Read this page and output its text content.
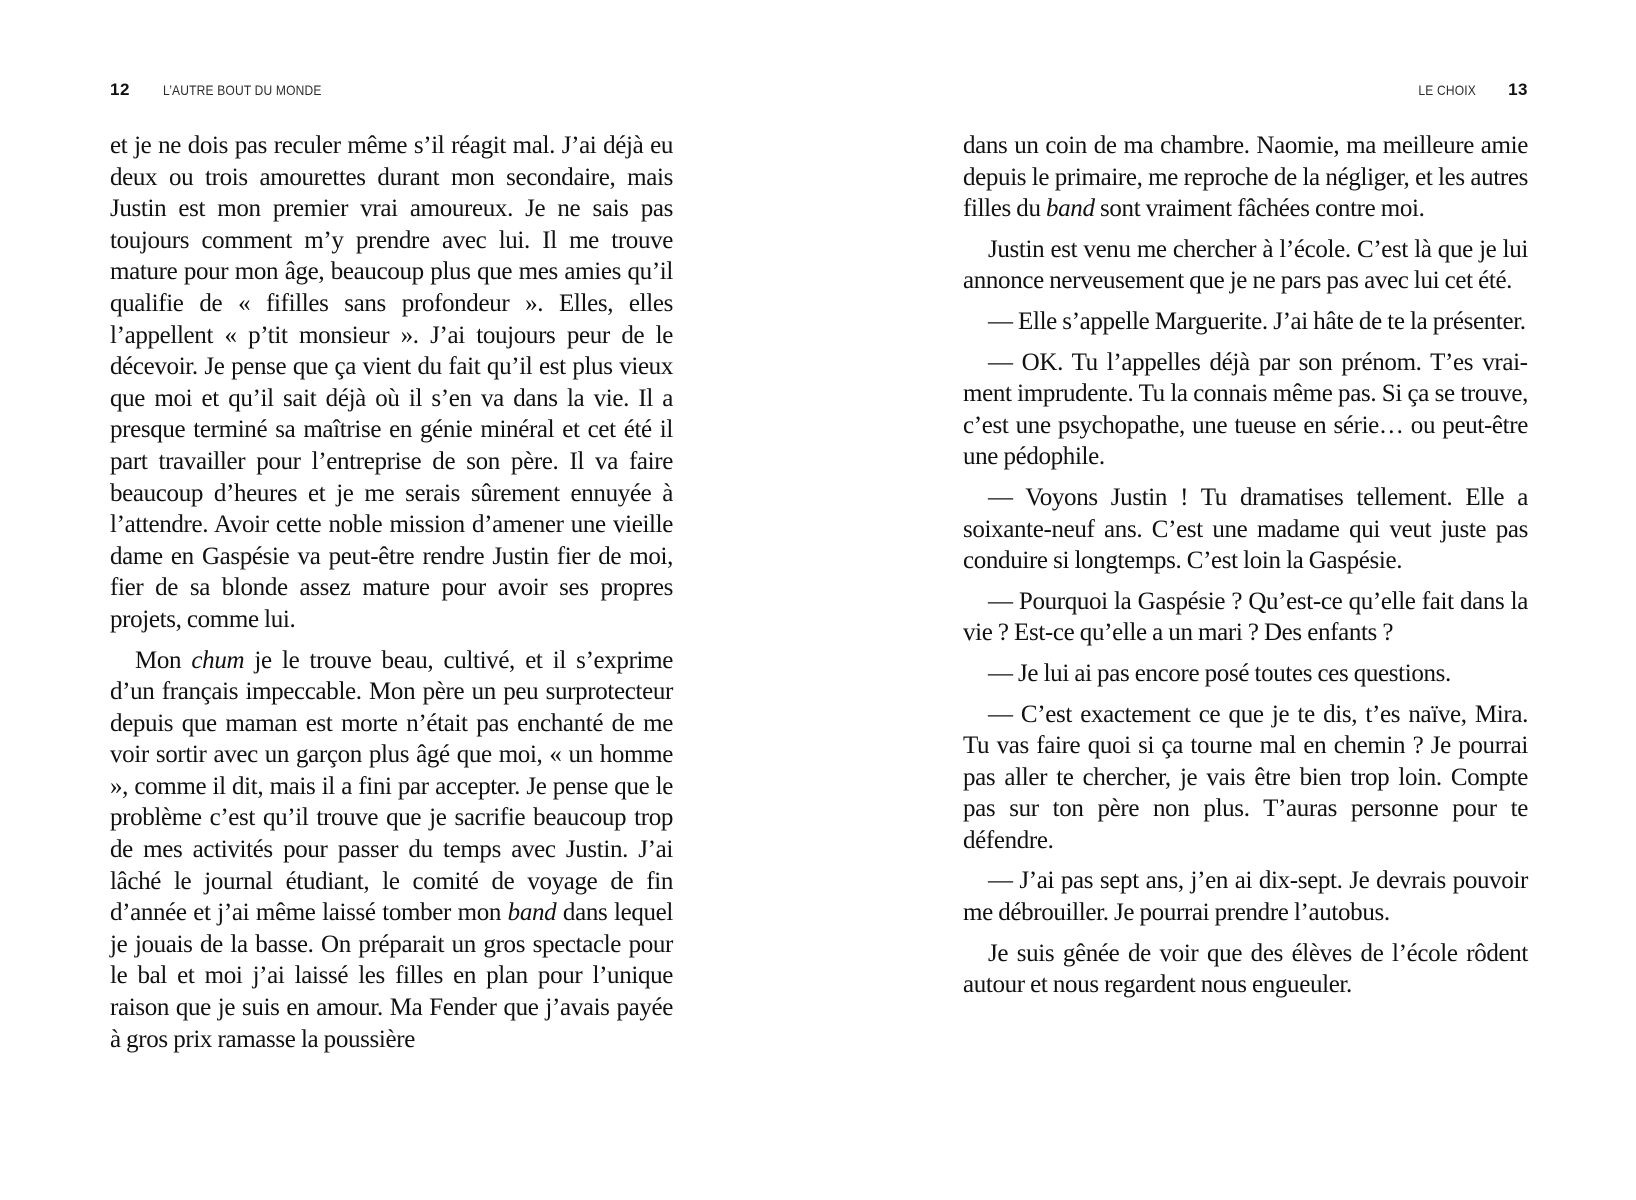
12 L’AUTRE BOUT DU MONDE

et je ne dois pas reculer même s’il réagit mal. J’ai déjà eu deux ou trois amourettes durant mon secondaire, mais Justin est mon premier vrai amoureux. Je ne sais pas toujours comment m’y prendre avec lui. Il me trouve mature pour mon âge, beaucoup plus que mes amies qu’il qualifie de « fifilles sans profondeur ». Elles, elles l’appellent « p’tit monsieur ». J’ai toujours peur de le décevoir. Je pense que ça vient du fait qu’il est plus vieux que moi et qu’il sait déjà où il s’en va dans la vie. Il a presque terminé sa maîtrise en génie minéral et cet été il part travailler pour l’entreprise de son père. Il va faire beaucoup d’heures et je me serais sûrement ennuyée à l’attendre. Avoir cette noble mission d’amener une vieille dame en Gaspésie va peut-être rendre Justin fier de moi, fier de sa blonde assez mature pour avoir ses propres projets, comme lui.

Mon chum je le trouve beau, cultivé, et il s’exprime d’un français impeccable. Mon père un peu surprotecteur depuis que maman est morte n’était pas enchanté de me voir sortir avec un garçon plus âgé que moi, « un homme », comme il dit, mais il a fini par accepter. Je pense que le problème c’est qu’il trouve que je sacrifie beaucoup trop de mes activités pour passer du temps avec Justin. J’ai lâché le journal étudiant, le comité de voyage de fin d’année et j’ai même laissé tomber mon band dans lequel je jouais de la basse. On préparait un gros spectacle pour le bal et moi j’ai laissé les filles en plan pour l’unique raison que je suis en amour. Ma Fender que j’avais payée à gros prix ramasse la poussière

LE CHOIX 13

dans un coin de ma chambre. Naomie, ma meilleure amie depuis le primaire, me reproche de la négliger, et les autres filles du band sont vraiment fâchées contre moi.

Justin est venu me chercher à l’école. C’est là que je lui annonce nerveusement que je ne pars pas avec lui cet été.

— Elle s’appelle Marguerite. J’ai hâte de te la présenter.

— OK. Tu l’appelles déjà par son prénom. T’es vraiment imprudente. Tu la connais même pas. Si ça se trouve, c’est une psychopathe, une tueuse en série… ou peut-être une pédophile.

— Voyons Justin ! Tu dramatises tellement. Elle a soixante-neuf ans. C’est une madame qui veut juste pas conduire si longtemps. C’est loin la Gaspésie.

— Pourquoi la Gaspésie ? Qu’est-ce qu’elle fait dans la vie ? Est-ce qu’elle a un mari ? Des enfants ?

— Je lui ai pas encore posé toutes ces questions.

— C’est exactement ce que je te dis, t’es naïve, Mira. Tu vas faire quoi si ça tourne mal en chemin ? Je pourrai pas aller te chercher, je vais être bien trop loin. Compte pas sur ton père non plus. T’auras personne pour te défendre.

— J’ai pas sept ans, j’en ai dix-sept. Je devrais pouvoir me débrouiller. Je pourrai prendre l’autobus.

Je suis gênée de voir que des élèves de l’école rôdent autour et nous regardent nous engueuler.
